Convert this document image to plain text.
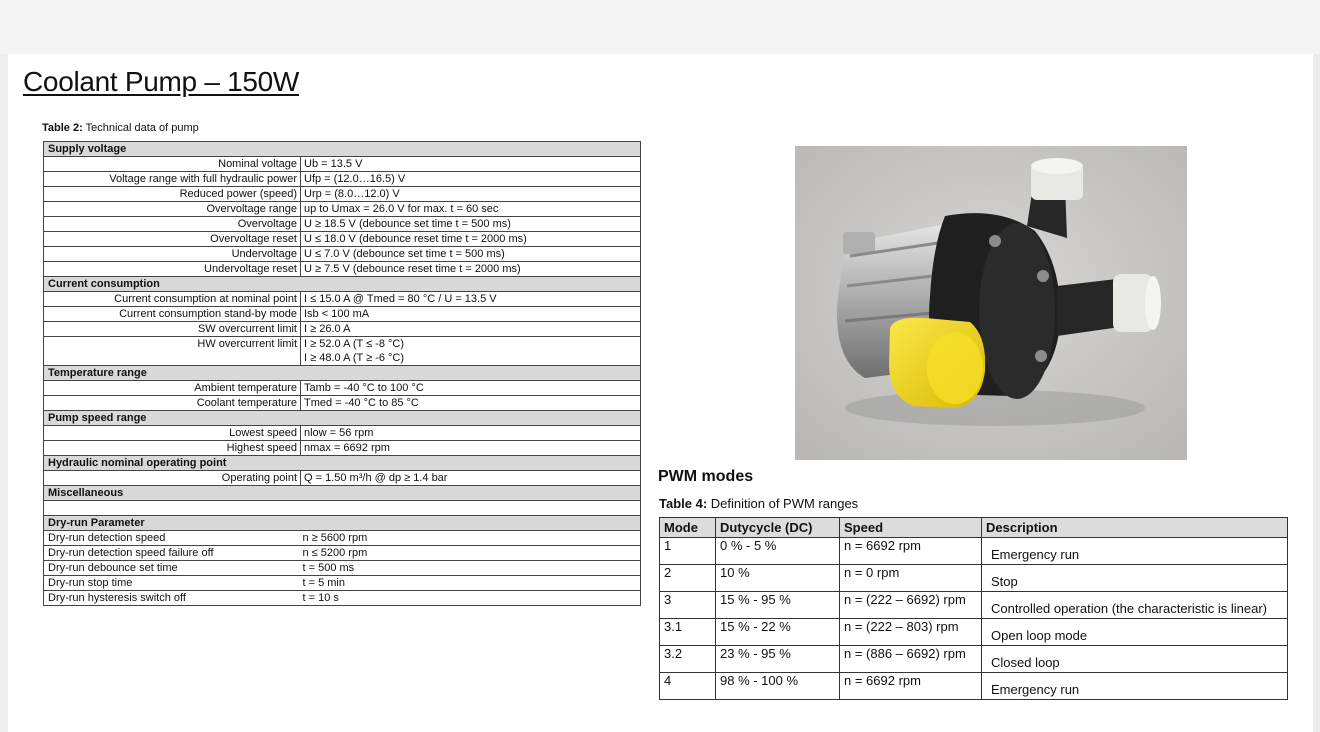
Coolant Pump – 150W
Table 2: Technical data of pump
Supply voltage	
Nominal voltage	Ub = 13.5 V
Voltage range with full hydraulic power	Ufp = (12.0…16.5) V
Reduced power (speed)	Urp = (8.0…12.0) V
Overvoltage range	up to Umax = 26.0 V for max. t = 60 sec
Overvoltage	U ≥ 18.5 V (debounce set time t = 500 ms)
Overvoltage reset	U ≤ 18.0 V (debounce reset time t = 2000 ms)
Undervoltage	U ≤ 7.0 V (debounce set time t = 500 ms)
Undervoltage reset	U ≥ 7.5 V (debounce reset time t = 2000 ms)
Current consumption	
Current consumption at nominal point	I ≤ 15.0 A @ Tmed = 80 °C / U = 13.5 V
Current consumption stand-by mode	Isb < 100 mA
SW overcurrent limit	I ≥ 26.0 A
HW overcurrent limit	I ≥ 52.0 A (T ≤ -8 °C)
I ≥ 48.0 A (T ≥ -6 °C)

Temperature range	
Ambient temperature	Tamb = -40 °C to 100 °C
Coolant temperature	Tmed = -40 °C to 85 °C
Pump speed range	
Lowest speed	nlow = 56 rpm
Highest speed	nmax = 6692 rpm
Hydraulic nominal operating point	
Operating point	Q = 1.50 m³/h @ dp ≥ 1.4 bar
Miscellaneous	

Dry-run Parameter	
Dry-run detection speed	n ≥ 5600 rpm
Dry-run detection speed failure off	n ≤ 5200 rpm
Dry-run debounce set time	t = 500 ms
Dry-run stop time	t = 5 min
Dry-run hysteresis switch off	t = 10 s
PWM modes
Table 4: Definition of PWM ranges
Mode	Dutycycle (DC)	Speed	Description
1	0 % - 5 %	n = 6692 rpm	Emergency run
2	10 %	n = 0 rpm	Stop
3	15 % - 95 %	n = (222 – 6692) rpm	Controlled operation (the characteristic is linear)
3.1	15 % - 22 %	n = (222 – 803) rpm	Open loop mode
3.2	23 % - 95 %	n = (886 – 6692) rpm	Closed loop
4	98 % - 100 %	n = 6692 rpm	Emergency run
